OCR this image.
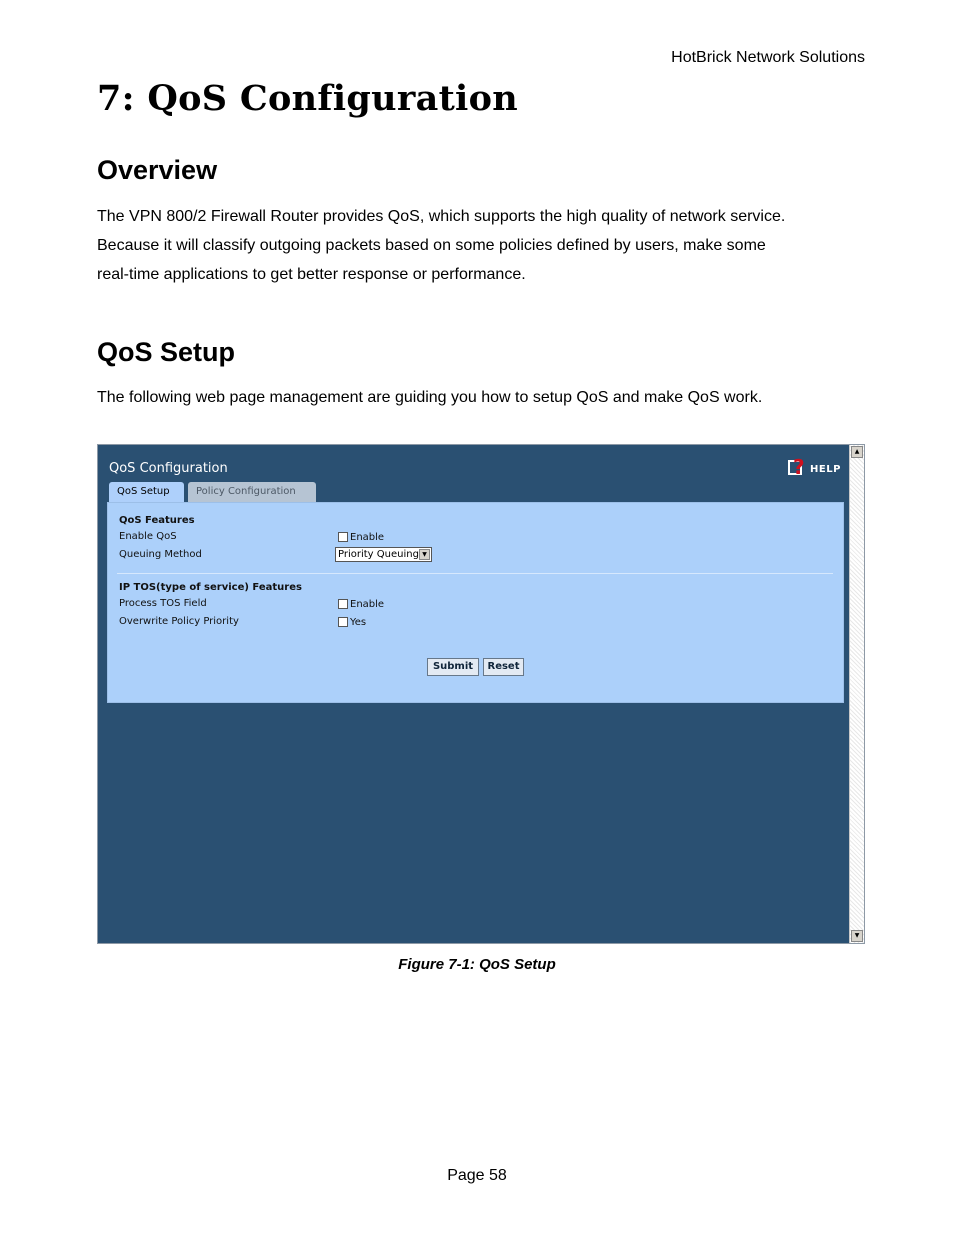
HotBrick Network Solutions
7: QoS Configuration
Overview
The VPN 800/2 Firewall Router provides QoS, which supports the high quality of network service.
Because it will classify outgoing packets based on some policies defined by users, make some
real-time applications to get better response or performance.
QoS Setup
The following web page management are guiding you how to setup QoS and make QoS work.
QoS Configuration	? HELP
QoS Setup	Policy Configuration
QoS Features
Enable QoS	Enable
Queuing Method	Priority Queuing ▼
IP TOS(type of service) Features
Process TOS Field	Enable
Overwrite Policy Priority	Yes
Submit	Reset
▲
▼
Figure 7-1: QoS Setup
Page 58
